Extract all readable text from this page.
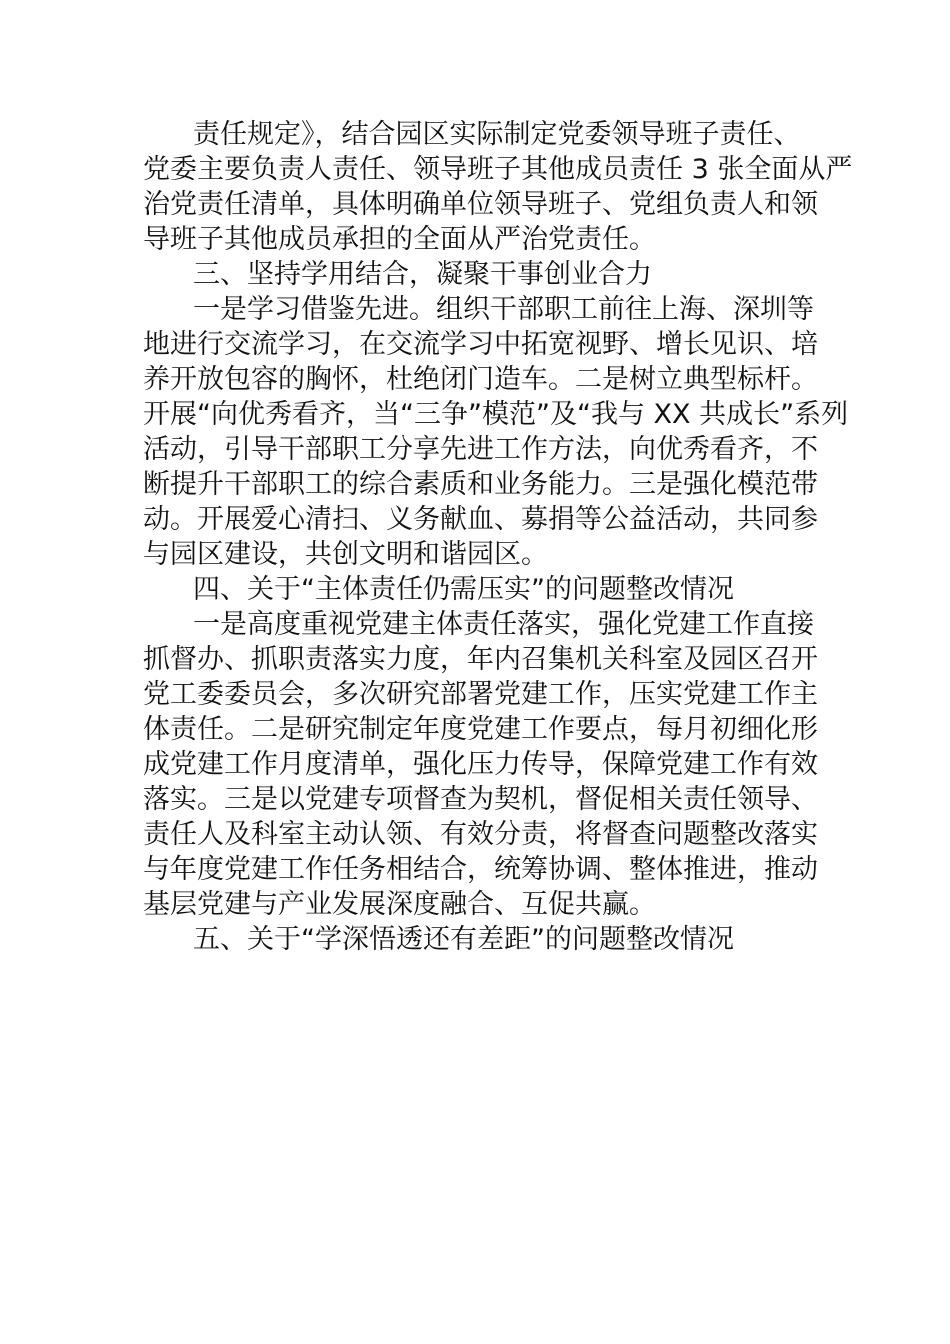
责任规定》，结合园区实际制定党委领导班子责任、
党委主要负责人责任、领导班子其他成员责任 3 张全面从严
治党责任清单，具体明确单位领导班子、党组负责人和领
导班子其他成员承担的全面从严治党责任。
三、坚持学用结合，凝聚干事创业合力
一是学习借鉴先进。组织干部职工前往上海、深圳等
地进行交流学习，在交流学习中拓宽视野、增长见识、培
养开放包容的胸怀，杜绝闭门造车。二是树立典型标杆。
开展“向优秀看齐，当“三争”模范”及“我与 XX 共成长”系列
活动，引导干部职工分享先进工作方法，向优秀看齐，不
断提升干部职工的综合素质和业务能力。三是强化模范带
动。开展爱心清扫、义务献血、募捐等公益活动，共同参
与园区建设，共创文明和谐园区。
四、关于“主体责任仍需压实”的问题整改情况
一是高度重视党建主体责任落实，强化党建工作直接
抓督办、抓职责落实力度，年内召集机关科室及园区召开
党工委委员会，多次研究部署党建工作，压实党建工作主
体责任。二是研究制定年度党建工作要点，每月初细化形
成党建工作月度清单，强化压力传导，保障党建工作有效
落实。三是以党建专项督查为契机，督促相关责任领导、
责任人及科室主动认领、有效分责，将督查问题整改落实
与年度党建工作任务相结合，统筹协调、整体推进，推动
基层党建与产业发展深度融合、互促共赢。
五、关于“学深悟透还有差距”的问题整改情况
